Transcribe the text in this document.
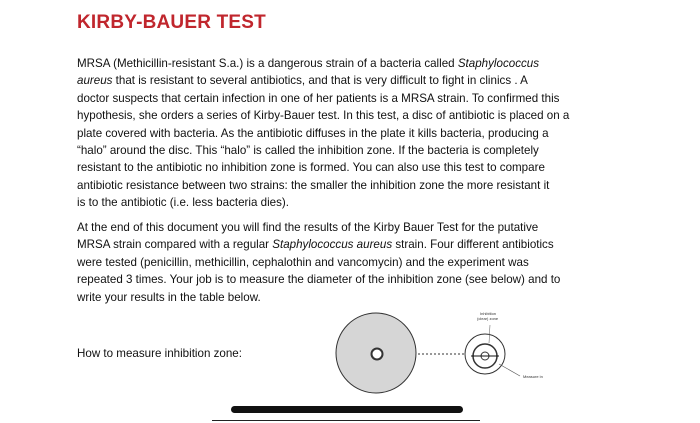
KIRBY-BAUER TEST

MRSA (Methicillin-resistant S.a.) is a dangerous strain of a bacteria called Staphylococcus
aureus that is resistant to several antibiotics, and that is very difficult to fight in clinics . A
doctor suspects that certain infection in one of her patients is a MRSA strain. To confirmed this
hypothesis, she orders a series of Kirby-Bauer test. In this test, a disc of antibiotic is placed on a
plate covered with bacteria. As the antibiotic diffuses in the plate it kills bacteria, producing a
“halo” around the disc. This “halo” is called the inhibition zone. If the bacteria is completely
resistant to the antibiotic no inhibition zone is formed. You can also use this test to compare
antibiotic resistance between two strains: the smaller the inhibition zone the more resistant it
is to the antibiotic (i.e. less bacteria dies).

At the end of this document you will find the results of the Kirby Bauer Test for the putative
MRSA strain compared with a regular Staphylococcus aureus strain. Four different antibiotics
were tested (penicillin, methicillin, cephalothin and vancomycin) and the experiment was
repeated 3 times. Your job is to measure the diameter of the inhibition zone (see below) and to
write your results in the table below.

How to measure inhibition zone:
Inhibition
(clear) zone
Measure in
